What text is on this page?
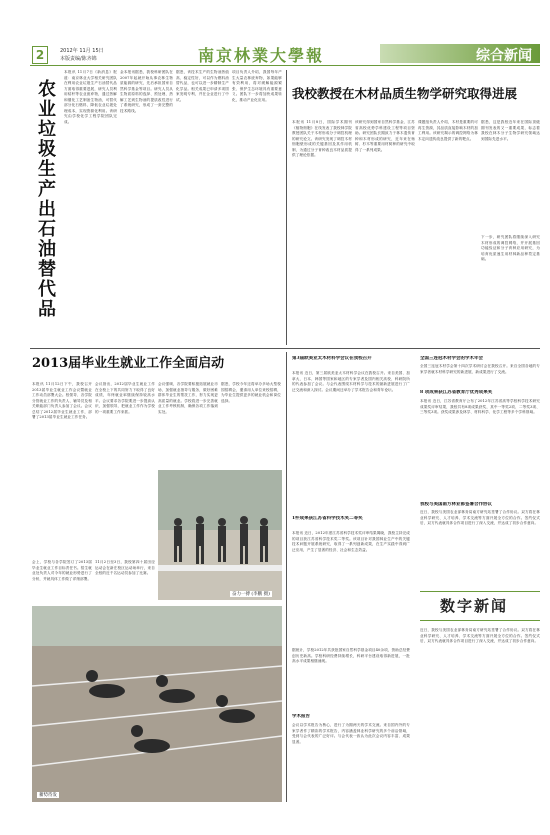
2	2012年 11月 15日
本版责编/陈齐锦	南京林業大學報	综合新闻
农业垃圾生产出石油替代品
本报讯 11月7日《新消息》报道：南京林业大学相关研究团队在利用农业垃圾生产石油替代品方面取得重要进展，研究人员利用秸秆等农业废弃物，通过热解和催化工艺制备生物油，可替代部分化石燃料，降低农业垃圾处理成本，实现资源化利用。该研究由学校化学工程学院团队完成。
金本报讯据悉，我校科研团队在2007年起就开始从事农林生物质能源的研究，先后承担国家自然科学基金等项目。研究人员从生物质原料的选择、预处理、热解工艺到生物油的提质改性进行了系统研究，形成了一套完整的技术路线。
据悉，该技术生产的生物油热值高、稳定性好，可以作为燃料油替代品，也可以进一步精制生产化学品。相关成果已申请多项国家发明专利，并在企业进行了中试。
项目负责人介绍，我国每年产生大量农林废弃物，如果能够有效利用，将对缓解能源紧张、保护生态环境具有重要意义。团队下一步将加快成果转化，推动产业化应用。	我校教授在木材品质生物学研究取得进展
本报讯 11月8日，国际学术期刊《植物细胞》在线发表了我校林学院教授团队关于木材形成分子调控机理的研究论文。该研究发现了调控木材细胞壁形成的关键基因及其作用机制，为通过分子育种改良木材品质提供了理论依据。
该研究得到国家自然科学基金、江苏省高校优势学科建设工程等项目资助。研究团队长期致力于林木遗传育种和木材形成的研究，近年来在杨树、杉木等重要用材树种的研究中取得了一系列成果。
课题组负责人介绍，木材是重要的可再生资源，其品质直接影响木材的加工利用。该研究揭示的调控网络为林木定向遗传改良提供了新的靶点。
据悉，这是我校近年来在国际顶级期刊发表的又一重要成果，标志着我校在林木分子生物学研究领域达到国际先进水平。
下一步，研究团队将继续深入研究木材形成的调控网络，并开展基因功能验证和分子育种应用研究，为培育优质速生用材林新品种奠定基础。
2013届毕业生就业工作全面启动
本报讯 11月12日下午，我校召开2013届毕业生就业工作会议暨就业工作动员部署大会。校领导、各学院分管就业工作的负责人、辅导员及相关职能部门负责人参加了会议。会议总结了2012届毕业生就业工作，部署了2013届毕业生就业工作任务。
会议指出，2012届毕业生就业工作在全校上下的共同努力下取得了良好成绩，年终就业率继续保持较高水平。会议要求各学院要进一步提高认识，加强领导，把就业工作作为学校的一项重要工作来抓。
会议强调，各学院要积极拓展就业市场，加强就业指导与服务，做好困难群体毕业生的帮扶工作，努力实现更高质量的就业。学校将进一步完善就业工作考核机制，确保各项工作落到实处。
据悉，学校今年还将举办多场大型校园招聘会，邀请用人单位来校招聘，为毕业生提供更多的就业机会和岗位选择。
会上，学校与各学院签订了2013届毕业生就业工作目标责任书。招生就业处负责人对今年的就业形势进行了分析，并就具体工作做了详细部署。
11月2日至3日，我校第四十届田径运动会在新庄校区运动场举行，来自全校的近千名运动员参加了比赛。
奋力一搏 (李鹏 摄)
蓄势待发
第3届欧美亚太木材科学会议在我校召开
本报讯 近日，第三届欧美亚太木材科学会议在我校召开。来自美国、加拿大、日本、韩国等国家和地区的专家学者及国内相关高校、科研院所的代表参加了会议。与会代表围绕木材科学与技术的最新进展进行了广泛交流和深入探讨。会议期间还举办了学术报告会和青年论坛。
1件成果获江苏省科学技术奖二等奖
本报讯 近日，2012年度江苏省科学技术奖评审结果揭晓，我校主持完成的项目获江苏省科学技术奖二等奖。该项目针对我国林业生产中的关键技术问题开展系统研究，取得了一系列创新成果，在生产实践中得到广泛应用，产生了显著的经济、社会和生态效益。
全国三连冠木材学会的学术年会
全国三连冠木材学会第十四次学术研讨会在我校召开。来自全国各地的专家学者就木材科学研究的新进展、新成果进行了交流。
8 项成果获江苏省教育厅优秀成果奖
本报讯 近日，江苏省教育厅公布了2012年江苏省高等学校科学技术研究成果奖评审结果，我校共有8项成果获奖，其中一等奖2项、二等奖3项、三等奖3项。获奖成果涉及林学、材料科学、化学工程等多个学科领域。
我校与美国南方林业部签署合作协议
近日，我校与美国农业部林务局南方研究站签署了合作协议。双方将在林业科学研究、人才培养、学术交流等方面开展全方位的合作。签约仪式后，双方代表就具体合作项目进行了深入交流，并达成了初步合作意向。
数字新闻
据统计，学校2012年共获批国家自然科学基金项目40余项，资助总经费创历史新高。学校科研经费持续增长，科研平台建设取得新进展，一批高水平成果相继涌现。
学术报告
会议以学术报告为核心，进行了为期两天的学术交流。来自国内外的专家学者作了精彩的学术报告，内容涵盖林业科学研究的多个前沿领域，受到与会代表的广泛好评。与会代表一致认为此次会议内容丰富、成果显著。
近日，我校与美国农业部林务局南方研究站签署了合作协议。双方将在林业科学研究、人才培养、学术交流等方面开展全方位的合作。签约仪式后，双方代表就具体合作项目进行了深入交流，并达成了初步合作意向。
